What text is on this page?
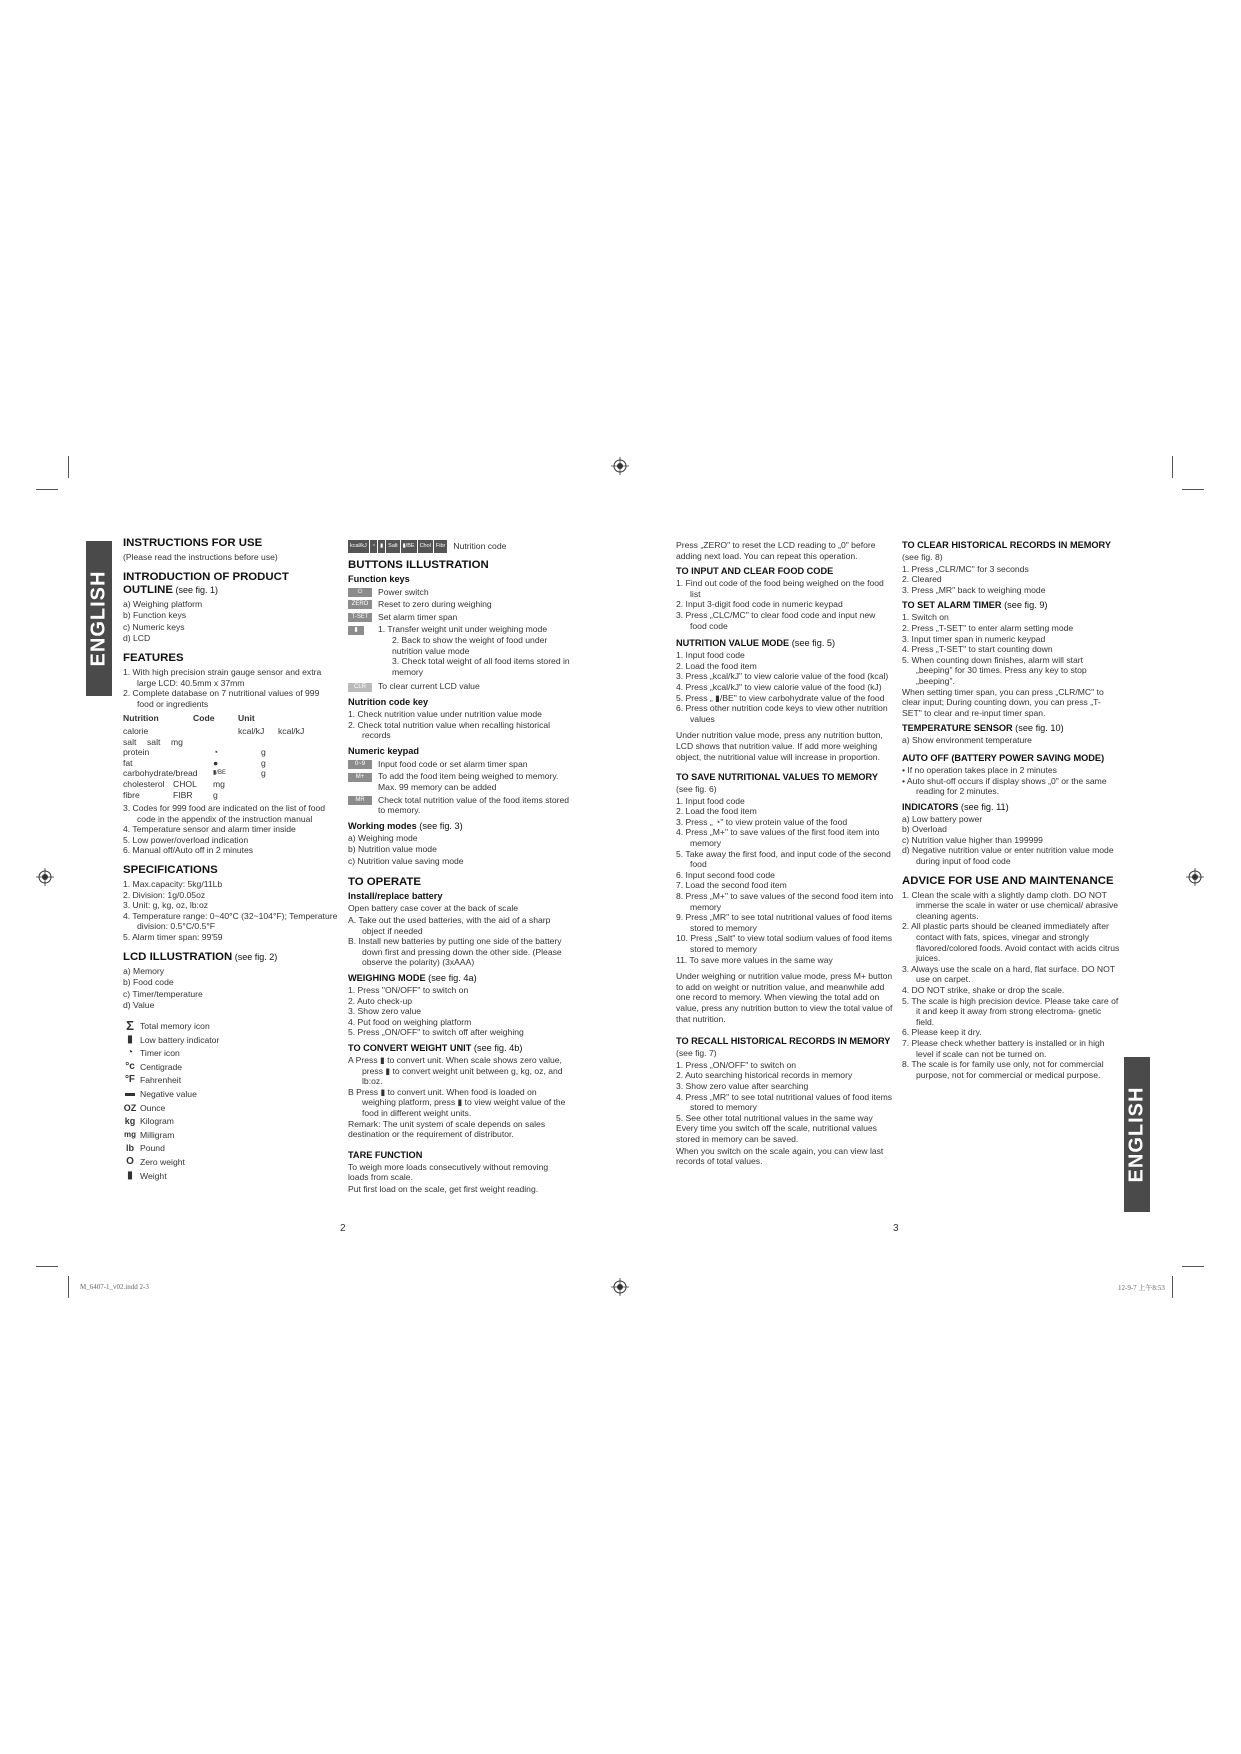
ENGLISH
ENGLISH
INSTRUCTIONS FOR USE

(Please read the instructions before use)

INTRODUCTION OF PRODUCT
OUTLINE (see fig. 1)

a) Weighing platform

b) Function keys

c) Numeric keys

d) LCD

FEATURES

1. With high precision strain gauge sensor and extra large LCD: 40.5mm x 37mm

2. Complete database on 7 nutritional values of 999 food or ingredients

Nutrition	Code	Unit
calorie	kcal/kJ	kcal/kJ
salt	salt	mg
protein	◔	g
fat	●	g
carbohydrate/bread	▮/BE	g
cholesterol CHOL	mg
fibre	FIBR	g

3. Codes for 999 food are indicated on the list of food code in the appendix of the instruction manual

4. Temperature sensor and alarm timer inside

5. Low power/overload indication

6. Manual off/Auto off in 2 minutes

SPECIFICATIONS

1. Max.capacity: 5kg/11Lb

2. Division: 1g/0.05oz

3. Unit: g, kg, oz, lb:oz

4. Temperature range: 0~40°C (32~104°F); Temperature division: 0.5°C/0.5°F

5. Alarm timer span: 99'59

LCD ILLUSTRATION (see fig. 2)

a) Memory

b) Food code

c) Timer/temperature

d) Value

Σ Total memory icon
▮ Low battery indicator
◔ Timer icon
°c Centigrade
°F Fahrenheit
▬ Negative value
OZ Ounce
kg Kilogram
mg Milligram
lb Pound
O Zero weight
▮ Weight
kcal/kJ ◔ ▮ Salt ▮/BE Chol Fibr Nutrition code
BUTTONS ILLUSTRATION
Function keys
⏻	Power switch
ZERO	Reset to zero during weighing
T-SET	Set alarm timer span
▮	1. Transfer weight unit under weighing mode
2. Back to show the weight of food under nutrition value mode
3. Check total weight of all food items stored in memory
CLR	To clear current LCD value
Nutrition code key

1. Check nutrition value under nutrition value mode

2. Check total nutrition value when recalling historical records

Numeric keypad
0~9	Input food code or set alarm timer span
M+	To add the food item being weighed to memory. Max. 99 memory can be added
MR	Check total nutrition value of the food items stored to memory.
Working modes (see fig. 3)

a) Weighing mode

b) Nutrition value mode

c) Nutrition value saving mode

TO OPERATE
Install/replace battery

Open battery case cover at the back of scale

A. Take out the used batteries, with the aid of a sharp object if needed

B. Install new batteries by putting one side of the battery down first and pressing down the other side. (Please observe the polarity) (3xAAA)

WEIGHING MODE (see fig. 4a)

1. Press "ON/OFF" to switch on

2. Auto check-up

3. Show zero value

4. Put food on weighing platform

5. Press „ON/OFF" to switch off after weighing

TO CONVERT WEIGHT UNIT (see fig. 4b)

A Press ▮ to convert unit. When scale shows zero value, press ▮ to convert weight unit between g, kg, oz, and lb:oz.

B Press ▮ to convert unit. When food is loaded on weighing platform, press ▮ to view weight value of the food in different weight units.

Remark: The unit system of scale depends on sales destination or the requirement of distributor.

TARE FUNCTION

To weigh more loads consecutively without removing loads from scale.

Put first load on the scale, get first weight reading.

Press „ZERO" to reset the LCD reading to „0" before adding next load. You can repeat this operation.

TO INPUT AND CLEAR FOOD CODE

1. Find out code of the food being weighed on the food list

2. Input 3-digit food code in numeric keypad

3. Press „CLC/MC" to clear food code and input new food code

NUTRITION VALUE MODE (see fig. 5)

1. Input food code

2. Load the food item

3. Press „kcal/kJ" to view calorie value of the food (kcal)

4. Press „kcal/kJ" to view calorie value of the food (kJ)

5. Press „ ▮/BE" to view carbohydrate value of the food

6. Press other nutrition code keys to view other nutrition values

Under nutrition value mode, press any nutrition button, LCD shows that nutrition value. If add more weighing object, the nutritional value will increase in proportion.

TO SAVE NUTRITIONAL VALUES TO MEMORY

(see fig. 6)

1. Input food code

2. Load the food item

3. Press „ ◔" to view protein value of the food

4. Press „M+" to save values of the first food item into memory

5. Take away the first food, and input code of the second food

6. Input second food code

7. Load the second food item

8. Press „M+" to save values of the second food item into memory

9. Press „MR" to see total nutritional values of food items stored to memory

10. Press „Salt" to view total sodium values of food items stored to memory

11. To save more values in the same way

Under weighing or nutrition value mode, press M+ button to add on weight or nutrition value, and meanwhile add one record to memory. When viewing the total add on value, press any nutrition button to view the total value of that nutrition.

TO RECALL HISTORICAL RECORDS IN MEMORY

(see fig. 7)

1. Press „ON/OFF" to switch on

2. Auto searching historical records in memory

3. Show zero value after searching

4. Press „MR" to see total nutritional values of food items stored to memory

5. See other total nutritional values in the same way

Every time you switch off the scale, nutritional values stored in memory can be saved.

When you switch on the scale again, you can view last records of total values.

TO CLEAR HISTORICAL RECORDS IN MEMORY

(see fig. 8)

1. Press „CLR/MC" for 3 seconds

2. Cleared

3. Press „MR" back to weighing mode

TO SET ALARM TIMER (see fig. 9)

1. Switch on

2. Press „T-SET" to enter alarm setting mode

3. Input timer span in numeric keypad

4. Press „T-SET" to start counting down

5. When counting down finishes, alarm will start „beeping" for 30 times. Press any key to stop „beeping".

When setting timer span, you can press „CLR/MC" to clear input; During counting down, you can press „T-SET" to clear and re-input timer span.

TEMPERATURE SENSOR (see fig. 10)

a) Show environment temperature

AUTO OFF (BATTERY POWER SAVING MODE)

• If no operation takes place in 2 minutes

• Auto shut-off occurs if display shows „0" or the same reading for 2 minutes.

INDICATORS (see fig. 11)

a) Low battery power

b) Overload

c) Nutrition value higher than 199999

d) Negative nutrition value or enter nutrition value mode during input of food code

ADVICE FOR USE AND MAINTENANCE

1. Clean the scale with a slightly damp cloth. DO NOT immerse the scale in water or use chemical/ abrasive cleaning agents.

2. All plastic parts should be cleaned immediately after contact with fats, spices, vinegar and strongly flavored/colored foods. Avoid contact with acids citrus juices.

3. Always use the scale on a hard, flat surface. DO NOT use on carpet.

4. DO NOT strike, shake or drop the scale.

5. The scale is high precision device. Please take care of it and keep it away from strong electroma- gnetic field.

6. Please keep it dry.

7. Please check whether battery is installed or in high level if scale can not be turned on.

8. The scale is for family use only, not for commercial purpose, not for commercial or medical purpose.

2	3
M_6407-1_v02.indd 2-3	12-9-7 上午8:53
